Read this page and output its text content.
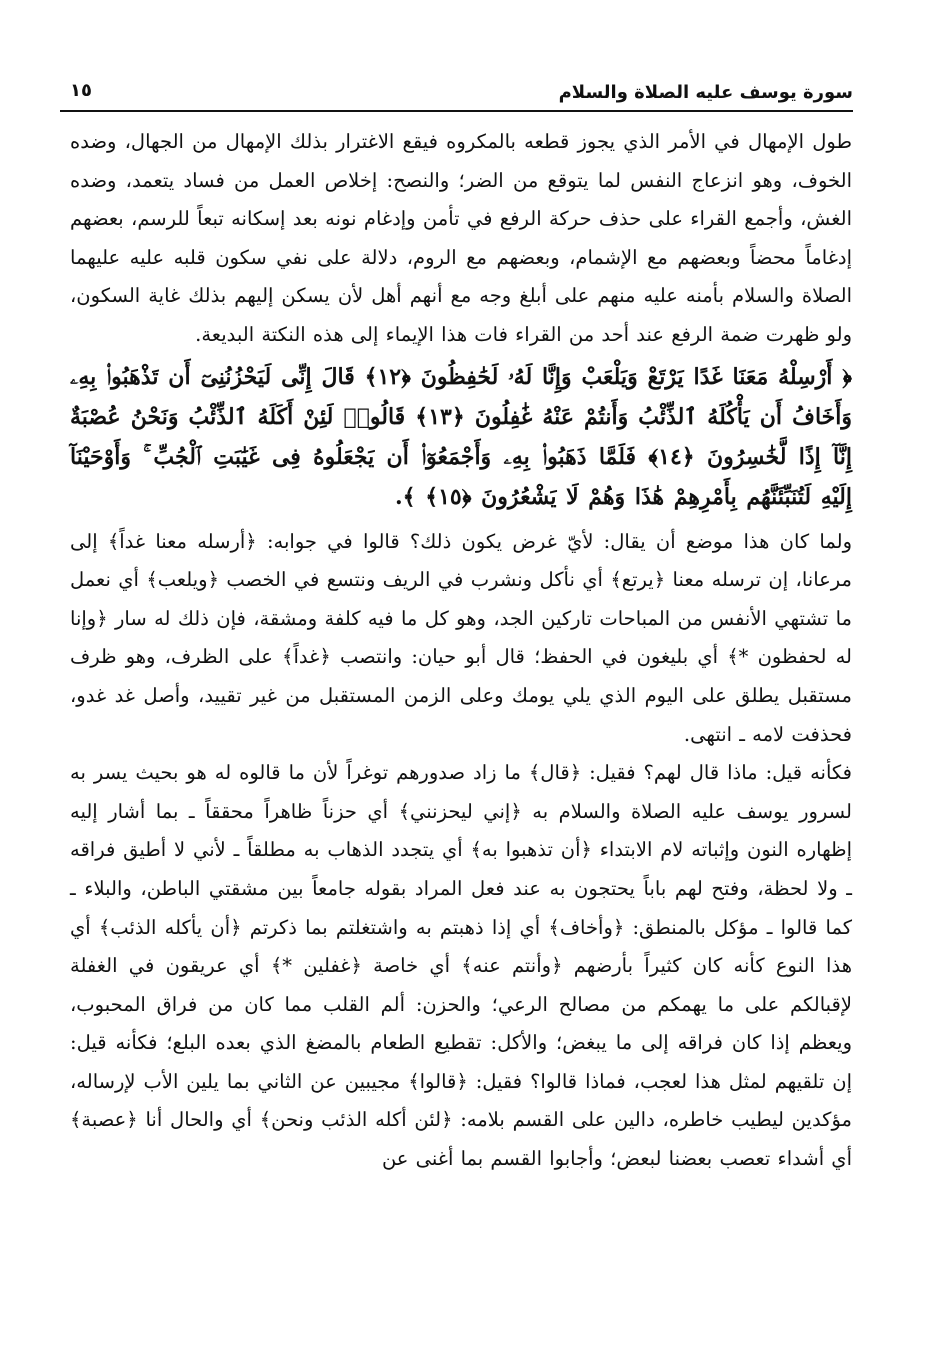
سورة يوسف عليه الصلاة والسلام
١٥

طول الإمهال في الأمر الذي يجوز قطعه بالمكروه فيقع الاغترار بذلك الإمهال من الجهال، وضده الخوف، وهو انزعاج النفس لما يتوقع من الضر؛ والنصح: إخلاص العمل من فساد يتعمد، وضده الغش، وأجمع القراء على حذف حركة الرفع في تأمن وإدغام نونه بعد إسكانه تبعاً للرسم، بعضهم إدغاماً محضاً وبعضهم مع الإشمام، وبعضهم مع الروم، دلالة على نفي سكون قلبه عليه عليهما الصلاة والسلام بأمنه عليه منهم على أبلغ وجه مع أنهم أهل لأن يسكن إليهم بذلك غاية السكون، ولو ظهرت ضمة الرفع عند أحد من القراء فات هذا الإيماء إلى هذه النكتة البديعة.

﴿ أَرْسِلْهُ مَعَنَا غَدًا يَرْتَعْ وَيَلْعَبْ وَإِنَّا لَهُۥ لَحَٰفِظُونَ ﴿١٢﴾ قَالَ إِنِّى لَيَحْزُنُنِىٓ أَن تَذْهَبُوا۟ بِهِۦ وَأَخَافُ أَن يَأْكُلَهُ ٱلذِّئْبُ وَأَنتُمْ عَنْهُ غَٰفِلُونَ ﴿١٣﴾ قَالُوا۟ لَئِنْ أَكَلَهُ ٱلذِّئْبُ وَنَحْنُ عُصْبَةٌ إِنَّآ إِذًا لَّخَٰسِرُونَ ﴿١٤﴾ فَلَمَّا ذَهَبُوا۟ بِهِۦ وَأَجْمَعُوٓا۟ أَن يَجْعَلُوهُ فِى غَيَٰبَتِ ٱلْجُبِّ ۚ وَأَوْحَيْنَآ إِلَيْهِ لَتُنَبِّئَنَّهُم بِأَمْرِهِمْ هَٰذَا وَهُمْ لَا يَشْعُرُونَ ﴿١٥﴾ ﴾.

ولما كان هذا موضع أن يقال: لأيّ غرض يكون ذلك؟ قالوا في جوابه: ﴿أرسله معنا غداً﴾ إلى مرعانا، إن ترسله معنا ﴿يرتع﴾ أي نأكل ونشرب في الريف ونتسع في الخصب ﴿ويلعب﴾ أي نعمل ما تشتهي الأنفس من المباحات تاركين الجد، وهو كل ما فيه كلفة ومشقة، فإن ذلك له سار ﴿وإنا له لحفظون *﴾ أي بليغون في الحفظ؛ قال أبو حيان: وانتصب ﴿غداً﴾ على الظرف، وهو ظرف مستقبل يطلق على اليوم الذي يلي يومك وعلى الزمن المستقبل من غير تقييد، وأصل غد غدو، فحذفت لامه ـ انتهى.

فكأنه قيل: ماذا قال لهم؟ فقيل: ﴿قال﴾ ما زاد صدورهم توغراً لأن ما قالوه له هو بحيث يسر به لسرور يوسف عليه الصلاة والسلام به ﴿إني ليحزنني﴾ أي حزناً ظاهراً محققاً ـ بما أشار إليه إظهاره النون وإثباته لام الابتداء ﴿أن تذهبوا به﴾ أي يتجدد الذهاب به مطلقاً ـ لأني لا أطيق فراقه ـ ولا لحظة، وفتح لهم باباً يحتجون به عند فعل المراد بقوله جامعاً بين مشقتي الباطن، والبلاء ـ كما قالوا ـ مؤكل بالمنطق: ﴿وأخاف﴾ أي إذا ذهبتم به واشتغلتم بما ذكرتم ﴿أن يأكله الذئب﴾ أي هذا النوع كأنه كان كثيراً بأرضهم ﴿وأنتم عنه﴾ أي خاصة ﴿غفلين *﴾ أي عريقون في الغفلة لإقبالكم على ما يهمكم من مصالح الرعي؛ والحزن: ألم القلب مما كان من فراق المحبوب، ويعظم إذا كان فراقه إلى ما يبغض؛ والأكل: تقطيع الطعام بالمضغ الذي بعده البلع؛ فكأنه قيل: إن تلقيهم لمثل هذا لعجب، فماذا قالوا؟ فقيل: ﴿قالوا﴾ مجيبين عن الثاني بما يلين الأب لإرساله، مؤكدين ليطيب خاطره، دالين على القسم بلامه: ﴿لئن أكله الذئب ونحن﴾ أي والحال أنا ﴿عصبة﴾ أي أشداء تعصب بعضنا لبعض؛ وأجابوا القسم بما أغنى عن
